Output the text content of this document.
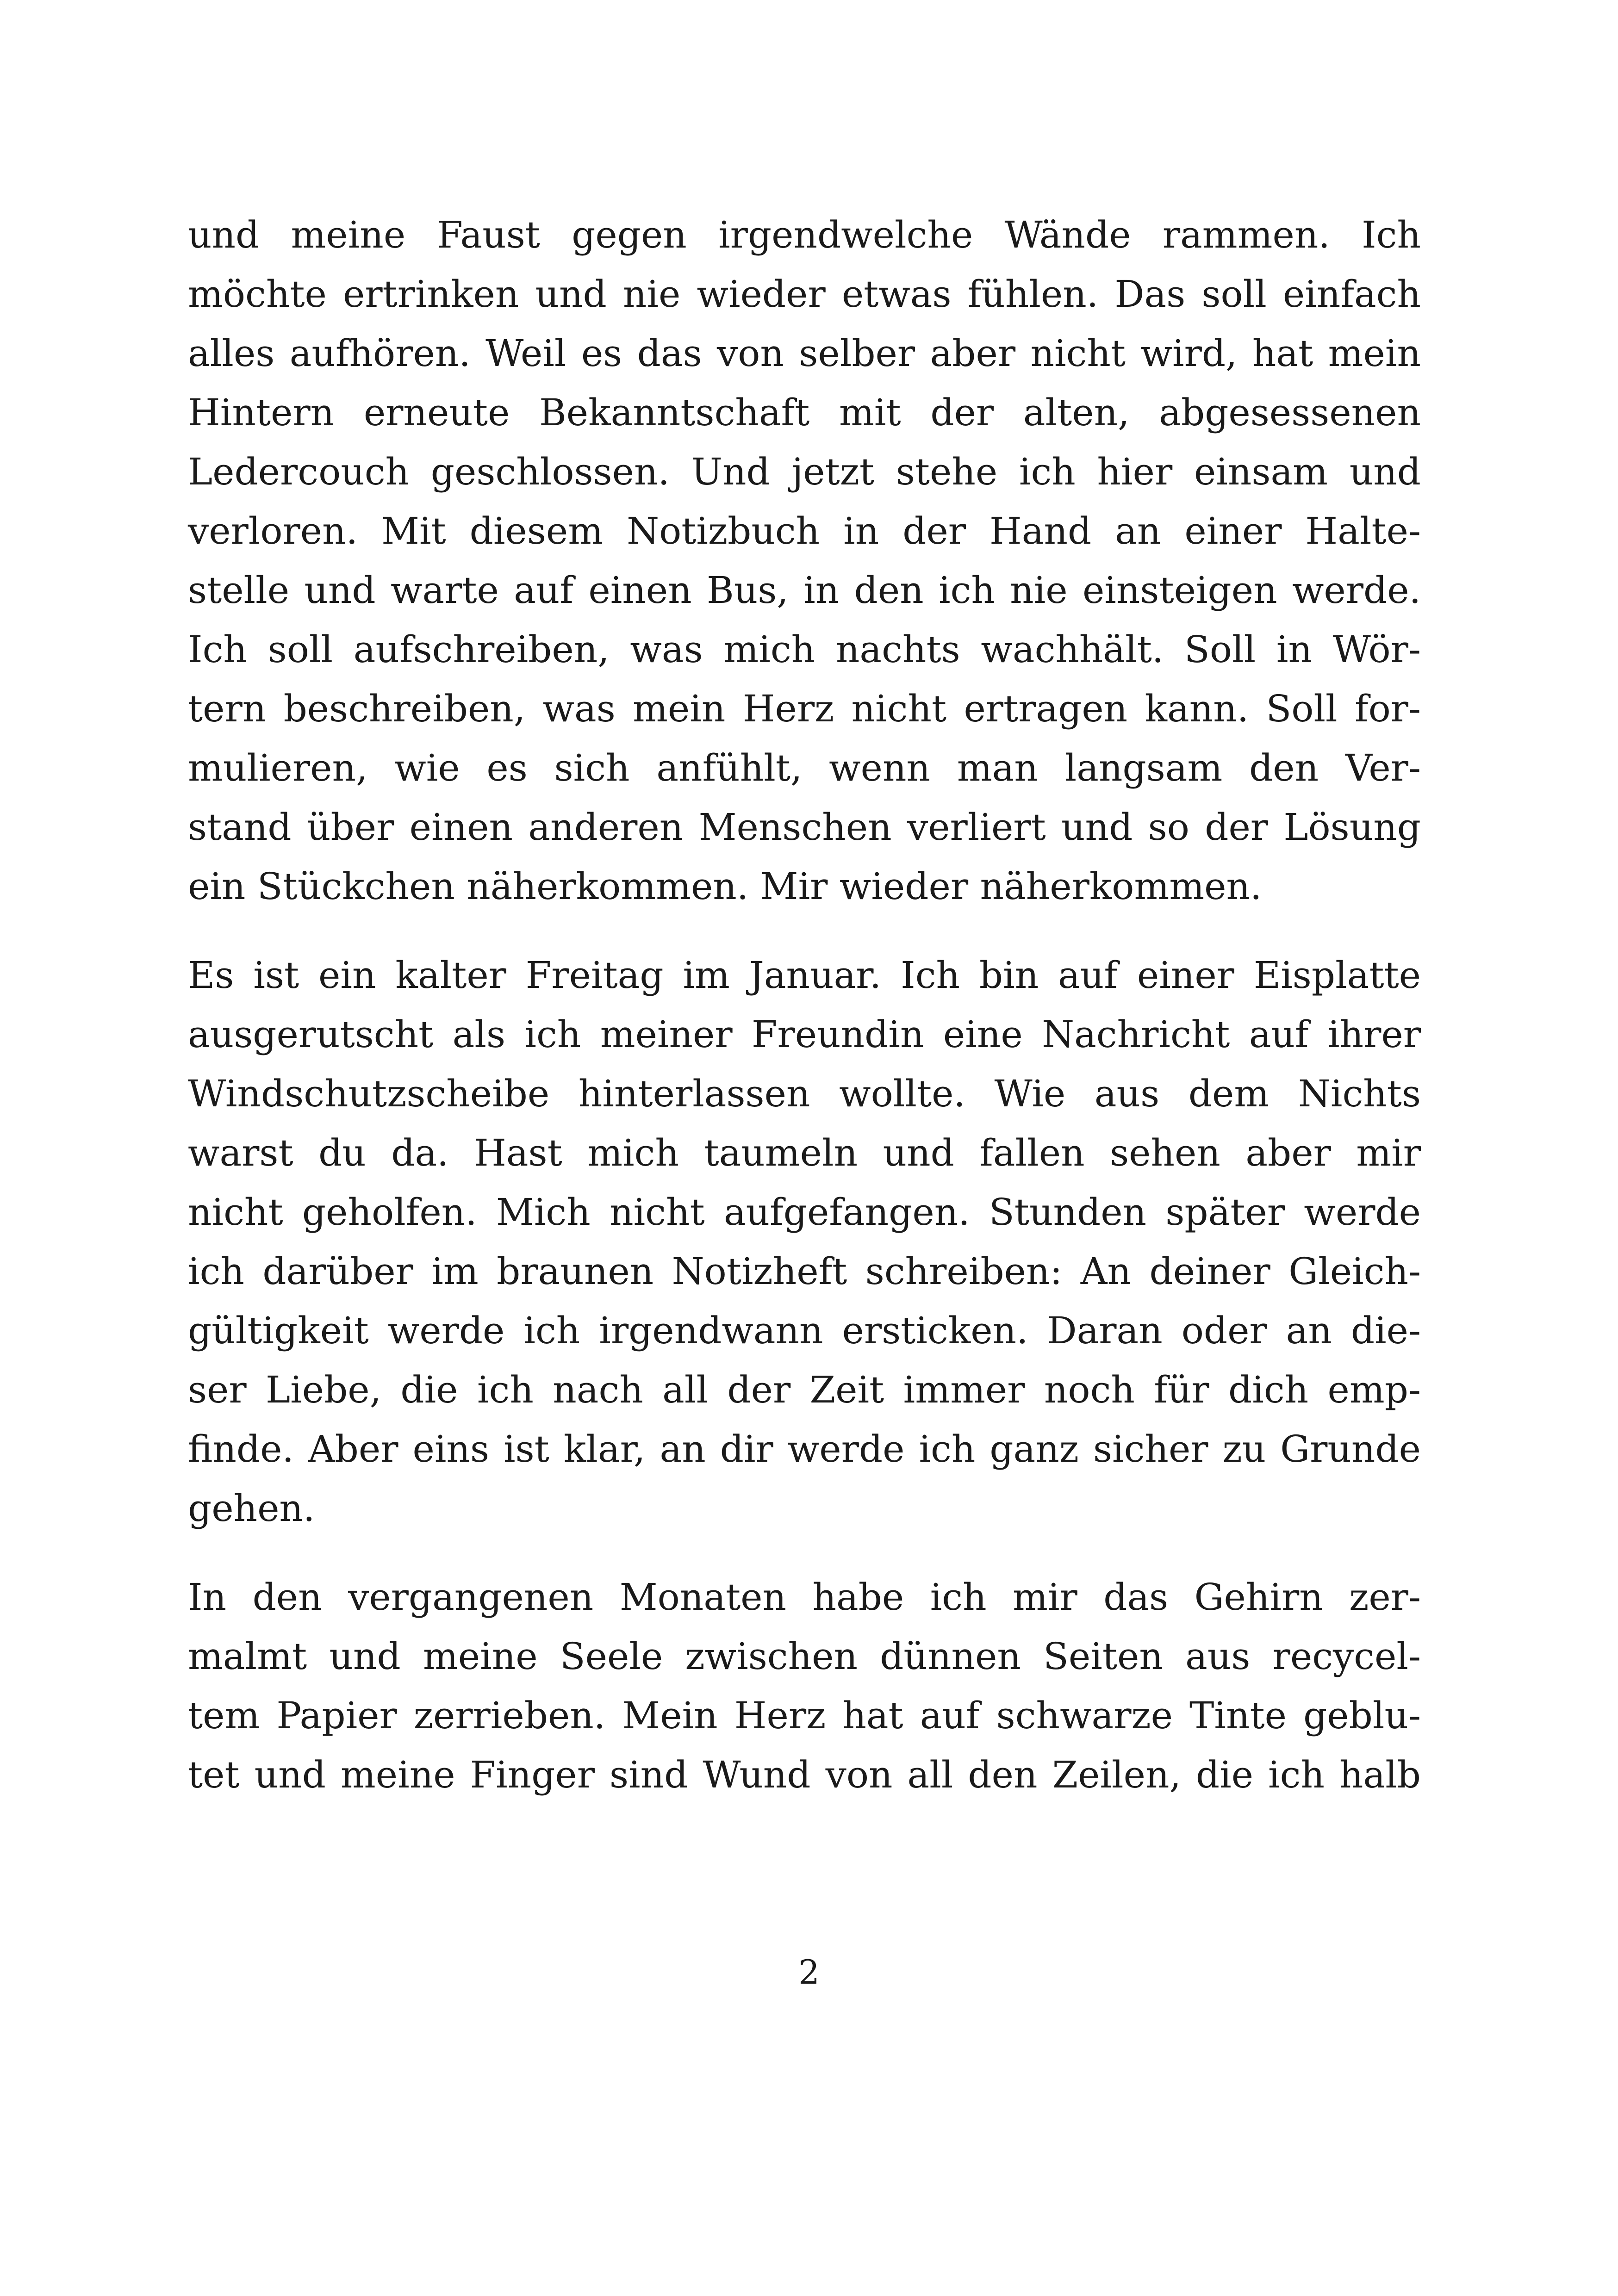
und meine Faust gegen irgendwelche Wände rammen. Ich
möchte ertrinken und nie wieder etwas fühlen. Das soll einfach
alles aufhören. Weil es das von selber aber nicht wird, hat mein
Hintern erneute Bekanntschaft mit der alten, abgesessenen
Ledercouch geschlossen. Und jetzt stehe ich hier einsam und
verloren. Mit diesem Notizbuch in der Hand an einer Halte-
stelle und warte auf einen Bus, in den ich nie einsteigen werde.
Ich soll aufschreiben, was mich nachts wachhält. Soll in Wör-
tern beschreiben, was mein Herz nicht ertragen kann. Soll for-
mulieren, wie es sich anfühlt, wenn man langsam den Ver-
stand über einen anderen Menschen verliert und so der Lösung
ein Stückchen näherkommen. Mir wieder näherkommen.
Es ist ein kalter Freitag im Januar. Ich bin auf einer Eisplatte
ausgerutscht als ich meiner Freundin eine Nachricht auf ihrer
Windschutzscheibe hinterlassen wollte. Wie aus dem Nichts
warst du da. Hast mich taumeln und fallen sehen aber mir
nicht geholfen. Mich nicht aufgefangen. Stunden später werde
ich darüber im braunen Notizheft schreiben: An deiner Gleich-
gültigkeit werde ich irgendwann ersticken. Daran oder an die-
ser Liebe, die ich nach all der Zeit immer noch für dich emp-
finde. Aber eins ist klar, an dir werde ich ganz sicher zu Grunde
gehen.
In den vergangenen Monaten habe ich mir das Gehirn zer-
malmt und meine Seele zwischen dünnen Seiten aus recycel-
tem Papier zerrieben. Mein Herz hat auf schwarze Tinte geblu-
tet und meine Finger sind Wund von all den Zeilen, die ich halb
2
